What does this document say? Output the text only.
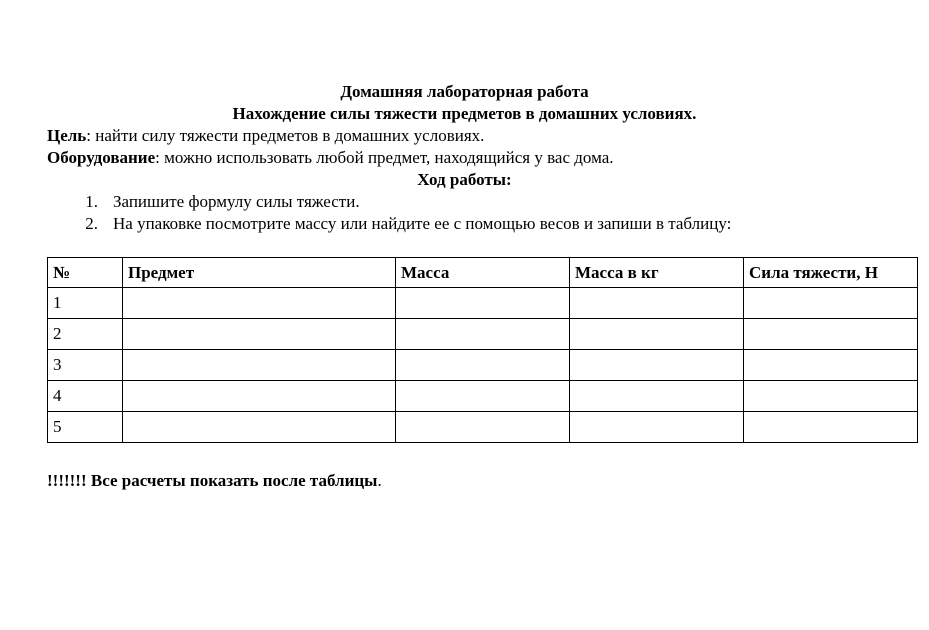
Домашняя лабораторная работа
Нахождение силы тяжести предметов в домашних условиях.
Цель: найти силу тяжести предметов в домашних условиях.
Оборудование: можно использовать любой предмет, находящийся у вас дома.
Ход работы:
1. Запишите формулу силы тяжести.
2. На упаковке посмотрите массу или найдите ее с помощью весов и запиши в таблицу:
№	Предмет	Масса	Масса в кг	Сила тяжести, Н
1				
2				
3				
4				
5				
!!!!!!! Все расчеты показать после таблицы.
